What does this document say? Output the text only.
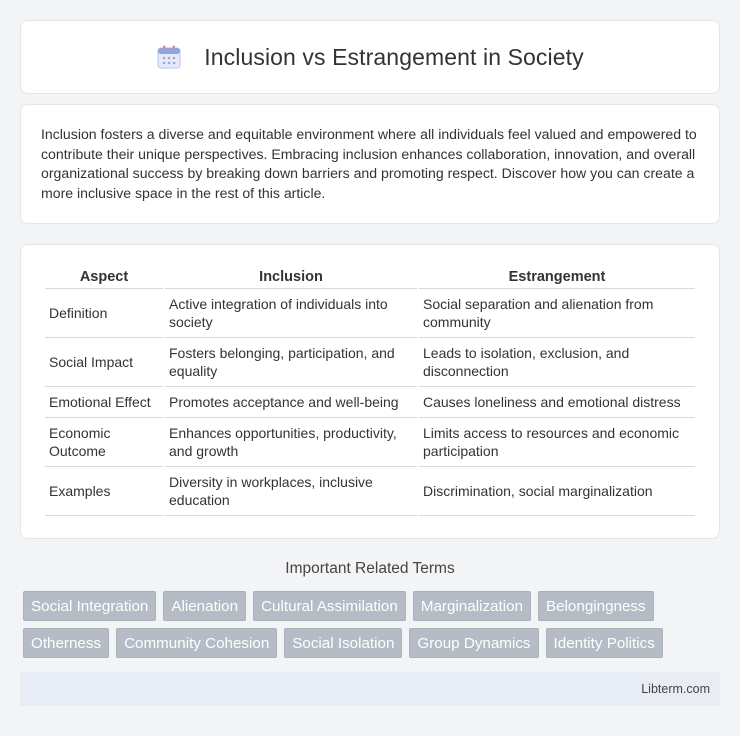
Inclusion vs Estrangement in Society

Inclusion fosters a diverse and equitable environment where all individuals feel valued and empowered to contribute their unique perspectives. Embracing inclusion enhances collaboration, innovation, and overall organizational success by breaking down barriers and promoting respect. Discover how you can create a more inclusive space in the rest of this article.

Aspect	Inclusion	Estrangement
Definition	Active integration of individuals into society	Social separation and alienation from community
Social Impact	Fosters belonging, participation, and equality	Leads to isolation, exclusion, and disconnection
Emotional Effect	Promotes acceptance and well-being	Causes loneliness and emotional distress
Economic Outcome	Enhances opportunities, productivity, and growth	Limits access to resources and economic participation
Examples	Diversity in workplaces, inclusive education	Discrimination, social marginalization
Important Related Terms
Social Integration	Alienation	Cultural Assimilation	Marginalization	Belongingness
Otherness	Community Cohesion	Social Isolation	Group Dynamics	Identity Politics
Libterm.com
